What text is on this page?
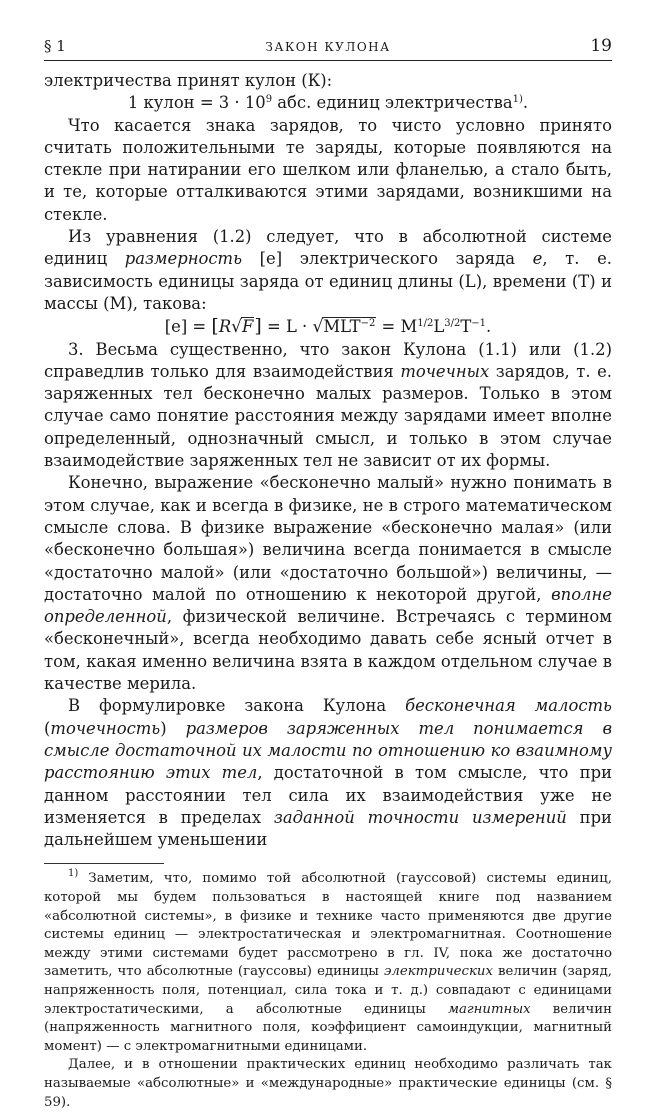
§ 1	ЗАКОН КУЛОНА	19

электричества принят кулон (К):

1 кулон = $3 \cdot 10^9$ абс. единиц электричества$^{1)}$.

Что касается знака зарядов, то чисто условно принято считать положительными те заряды, которые появляются на стекле при натирании его шелком или фланелью, а стало быть, и те, которые отталкиваются этими зарядами, возникшими на стекле.

Из уравнения (1.2) следует, что в абсолютной системе единиц размерность [e] электрического заряда e, т. е. зависимость единицы заряда от единиц длины (L), времени (T) и массы (M), такова:

$[e] = [R√F] = L \cdot √MLT^{-2} = M^{1/2}L^{3/2}T^{-1}$.

3. Весьма существенно, что закон Кулона (1.1) или (1.2) справедлив только для взаимодействия точечных зарядов, т. е. заряженных тел бесконечно малых размеров. Только в этом случае само понятие расстояния между зарядами имеет вполне определенный, однозначный смысл, и только в этом случае взаимодействие заряженных тел не зависит от их формы.

Конечно, выражение «бесконечно малый» нужно понимать в этом случае, как и всегда в физике, не в строго математическом смысле слова. В физике выражение «бесконечно малая» (или «бесконечно большая») величина всегда понимается в смысле «достаточно малой» (или «достаточно большой») величины, — достаточно малой по отношению к некоторой другой, вполне определенной, физической величине. Встречаясь с термином «бесконечный», всегда необходимо давать себе ясный отчет в том, какая именно величина взята в каждом отдельном случае в качестве мерила.

В формулировке закона Кулона бесконечная малость (точечность) размеров заряженных тел понимается в смысле достаточной их малости по отношению ко взаимному расстоянию этих тел, достаточной в том смысле, что при данном расстоянии тел сила их взаимодействия уже не изменяется в пределах заданной точности измерений при дальнейшем уменьшении

$^{1)}$ Заметим, что, помимо той абсолютной (гауссовой) системы единиц, которой мы будем пользоваться в настоящей книге под названием «абсолютной системы», в физике и технике часто применяются две другие системы единиц — электростатическая и электромагнитная. Соотношение между этими системами будет рассмотрено в гл. IV, пока же достаточно заметить, что абсолютные (гауссовы) единицы электрических величин (заряд, напряженность поля, потенциал, сила тока и т. д.) совпадают с единицами электростатическими, а абсолютные единицы магнитных величин (напряженность магнитного поля, коэффициент самоиндукции, магнитный момент) — с электромагнитными единицами.

Далее, и в отношении практических единиц необходимо различать так называемые «абсолютные» и «международные» практические единицы (см. § 59).
